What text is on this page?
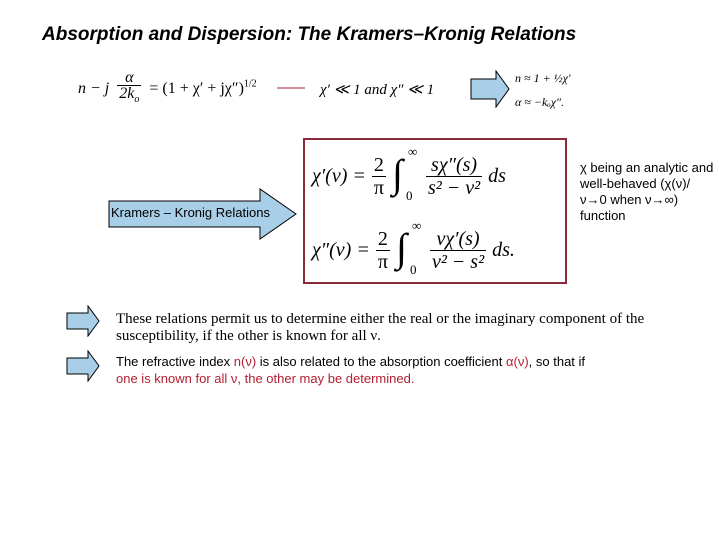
Absorption and Dispersion: The Kramers–Kronig Relations
n − j $\frac{\alpha}{2k_o} = (1 + \chi' + j\chi'')^{1/2}$	χ′ ≪ 1 and χ″ ≪ 1
n ≈ 1 + ½χ′
α ≈ −kₒχ″.
Kramers – Kronig Relations
$\chi'(\nu) = \frac{2}{\pi}$ ∫ ∞
$0 \frac{s\chi''(s)}{\text{s² − ν²}}$ ds
$\chi''(\nu) = \frac{2}{\pi}$ ∫ ∞
$0 \frac{\nu\chi'(s)}{\text{ν² − s²}}$ ds.
χ being an analytic and well-behaved (χ(ν)/ν→0 when ν→∞) function
These relations permit us to determine either the real or the imaginary component of the susceptibility, if the other is known for all ν.
The refractive index n(ν) is also related to the absorption coefficient α(ν), so that if one is known for all ν, the other may be determined.
